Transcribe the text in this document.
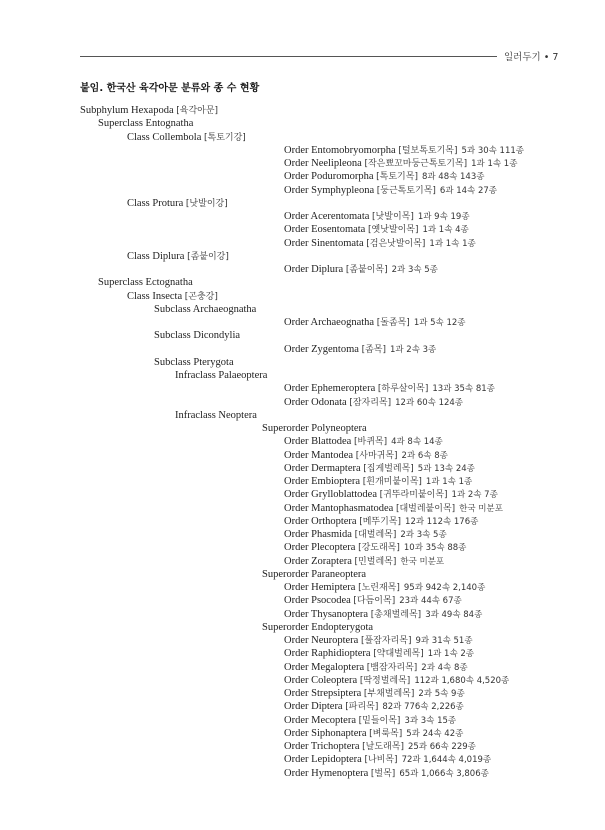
일러두기 • 7
붙임. 한국산 육각아문 분류와 종 수 현황
Subphylum Hexapoda [육각아문]
Superclass Entognatha
Class Collembola [톡토기강]
Order Entomobryomorpha [털보톡토기목] 5과 30속 111종
Order Neelipleona [작은뾰꼬마둥근톡토기목] 1과 1속 1종
Order Poduromorpha [톡토기목] 8과 48속 143종
Order Symphypleona [둥근톡토기목] 6과 14속 27종
Class Protura [낫발이강]
Order Acerentomata [낫발이목] 1과 9속 19종
Order Eosentomata [옛낫발이목] 1과 1속 4종
Order Sinentomata [검은낫발이목] 1과 1속 1종
Class Diplura [좀붙이강]
Order Diplura [좀붙이목] 2과 3속 5종
Superclass Ectognatha
Class Insecta [곤충강]
Subclass Archaeognatha
Order Archaeognatha [돌좀목] 1과 5속 12종
Subclass Dicondylia
Order Zygentoma [좀목] 1과 2속 3종
Subclass Pterygota
Infraclass Palaeoptera
Order Ephemeroptera [하루살이목] 13과 35속 81종
Order Odonata [잠자리목] 12과 60속 124종
Infraclass Neoptera
Superorder Polyneoptera
Order Blattodea [바퀴목] 4과 8속 14종
Order Mantodea [사마귀목] 2과 6속 8종
Order Dermaptera [집게벌레목] 5과 13속 24종
Order Embioptera [흰개미붙이목] 1과 1속 1종
Order Grylloblattodea [귀뚜라미붙이목] 1과 2속 7종
Order Mantophasmatodea [대벌레붙이목] 한국 미분포
Order Orthoptera [메뚜기목] 12과 112속 176종
Order Phasmida [대벌레목] 2과 3속 5종
Order Plecoptera [강도래목] 10과 35속 88종
Order Zoraptera [민벌레목] 한국 미분포
Superorder Paraneoptera
Order Hemiptera [노린재목] 95과 942속 2,140종
Order Psocodea [다듬이목] 23과 44속 67종
Order Thysanoptera [총채벌레목] 3과 49속 84종
Superorder Endopterygota
Order Neuroptera [풀잠자리목] 9과 31속 51종
Order Raphidioptera [약대벌레목] 1과 1속 2종
Order Megaloptera [뱀잠자리목] 2과 4속 8종
Order Coleoptera [딱정벌레목] 112과 1,680속 4,520종
Order Strepsiptera [부채벌레목] 2과 5속 9종
Order Diptera [파리목] 82과 776속 2,226종
Order Mecoptera [밑들이목] 3과 3속 15종
Order Siphonaptera [벼룩목] 5과 24속 42종
Order Trichoptera [날도래목] 25과 66속 229종
Order Lepidoptera [나비목] 72과 1,644속 4,019종
Order Hymenoptera [벌목] 65과 1,066속 3,806종
